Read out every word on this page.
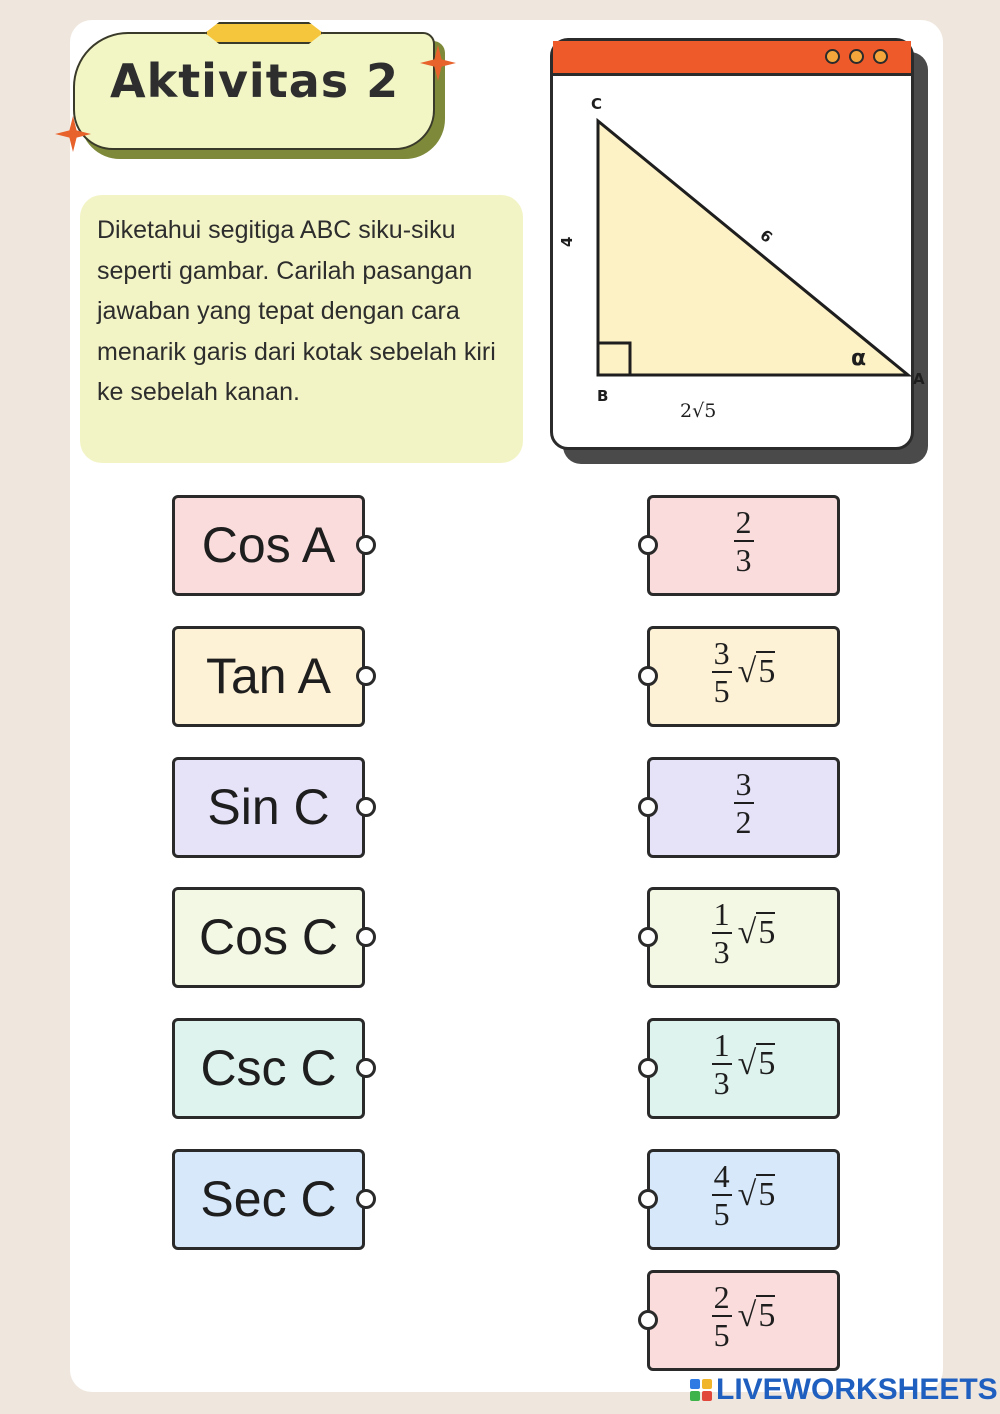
Aktivitas 2
Diketahui segitiga ABC siku-siku seperti gambar. Carilah pasangan jawaban yang tepat dengan cara menarik garis dari kotak sebelah kiri ke sebelah kanan.
C
B
A
4	6
2√5
α
Cos A
Tan A
Sin C
Cos C
Csc C
Sec C
$\frac{2}{3}$
$\frac{3}{5} √5$
$\frac{3}{2}$
$\frac{1}{3} √5$
$\frac{1}{3} √5$
$\frac{4}{5} √5$
$\frac{2}{5} √5$
LIVEWORKSHEETS
